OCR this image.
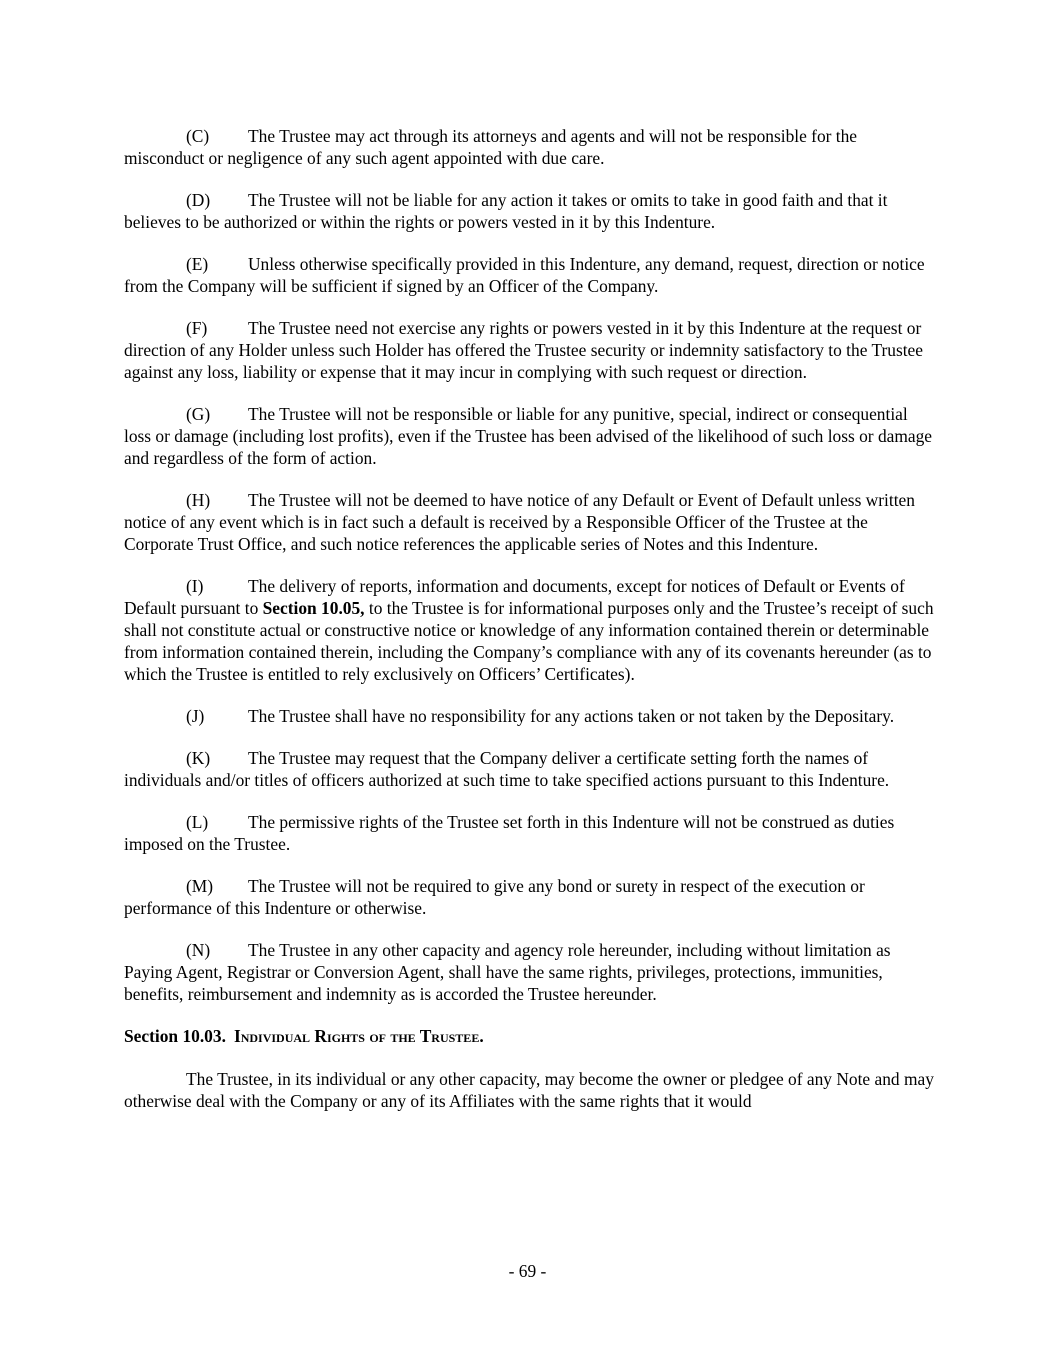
(C) The Trustee may act through its attorneys and agents and will not be responsible for the misconduct or negligence of any such agent appointed with due care.

(D) The Trustee will not be liable for any action it takes or omits to take in good faith and that it believes to be authorized or within the rights or powers vested in it by this Indenture.

(E) Unless otherwise specifically provided in this Indenture, any demand, request, direction or notice from the Company will be sufficient if signed by an Officer of the Company.

(F) The Trustee need not exercise any rights or powers vested in it by this Indenture at the request or direction of any Holder unless such Holder has offered the Trustee security or indemnity satisfactory to the Trustee against any loss, liability or expense that it may incur in complying with such request or direction.

(G) The Trustee will not be responsible or liable for any punitive, special, indirect or consequential loss or damage (including lost profits), even if the Trustee has been advised of the likelihood of such loss or damage and regardless of the form of action.

(H) The Trustee will not be deemed to have notice of any Default or Event of Default unless written notice of any event which is in fact such a default is received by a Responsible Officer of the Trustee at the Corporate Trust Office, and such notice references the applicable series of Notes and this Indenture.

(I)	The delivery of reports, information and documents, except for notices of Default or Events of Default pursuant to Section 10.05, to the Trustee is for informational purposes only and the Trustee’s receipt of such shall not constitute actual or constructive notice or knowledge of any information contained therein or determinable from information contained therein, including the Company’s compliance with any of its covenants hereunder (as to which the Trustee is entitled to rely exclusively on Officers’ Certificates).

(J)	The Trustee shall have no responsibility for any actions taken or not taken by the Depositary.

(K) The Trustee may request that the Company deliver a certificate setting forth the names of individuals and/or titles of officers authorized at such time to take specified actions pursuant to this Indenture.

(L) The permissive rights of the Trustee set forth in this Indenture will not be construed as duties imposed on the Trustee.

(M) The Trustee will not be required to give any bond or surety in respect of the execution or performance of this Indenture or otherwise.

(N) The Trustee in any other capacity and agency role hereunder, including without limitation as Paying Agent, Registrar or Conversion Agent, shall have the same rights, privileges, protections, immunities, benefits, reimbursement and indemnity as is accorded the Trustee hereunder.

Section 10.03. Individual Rights of the Trustee.

The Trustee, in its individual or any other capacity, may become the owner or pledgee of any Note and may otherwise deal with the Company or any of its Affiliates with the same rights that it would

- 69 -
